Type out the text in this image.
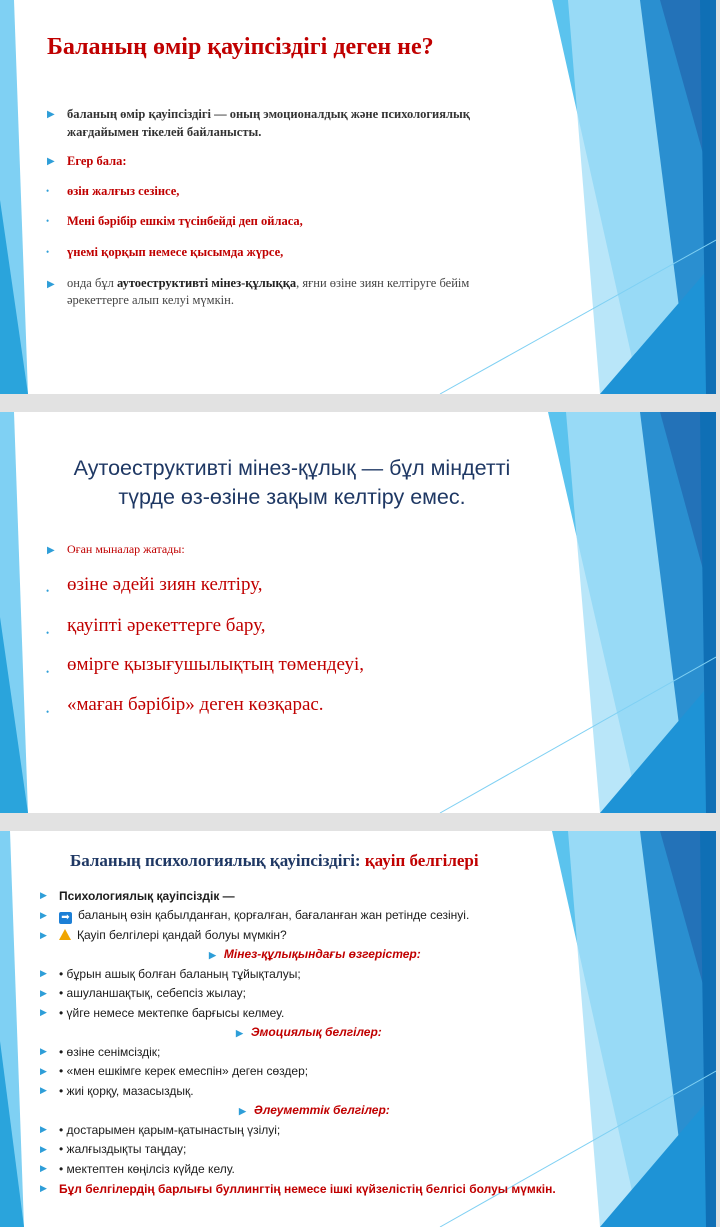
Баланың өмір қауіпсіздігі деген не?
▶ баланың өмір қауіпсіздігі — оның эмоционалдық және психологиялық
жағдайымен тікелей байланысты.
▶ Егер бала:
• өзін жалғыз сезінсе,
• Мені бәрібір ешкім түсінбейді деп ойласа,
• үнемі қорқып немесе қысымда жүрсе,
▶ онда бұл аутоеструктивті мінез-құлыққа, яғни өзіне зиян келтіруге бейім
әрекеттерге алып келуі мүмкін.
Аутоеструктивті мінез-құлық — бұл міндетті
түрде өз-өзіне зақым келтіру емес.
▶ Оған мыналар жатады:
• өзіне әдейі зиян келтіру,
• қауіпті әрекеттерге бару,
• өмірге қызығушылықтың төмендеуі,
• «маған бәрібір» деген көзқарас.
Баланың психологиялық қауіпсіздігі: қауіп белгілері
▶ Психологиялық қауіпсіздік —
▶ ➡ баланың өзін қабылданған, қорғалған, бағаланған жан ретінде сезінуі.
▶	Қауіп белгілері қандай болуы мүмкін?
▶ Мінез-құлықындағы өзгерістер:
▶ • бұрын ашық болған баланың тұйықталуы;
▶ • ашуланшақтық, себепсіз жылау;
▶ • үйге немесе мектепке барғысы келмеу.
▶ Эмоциялық белгілер:
▶ • өзіне сенімсіздік;
▶ • «мен ешкімге керек емеспін» деген сөздер;
▶ • жиі қорқу, мазасыздық.
▶ Әлеуметтік белгілер:
▶ • достарымен қарым-қатынастың үзілуі;
▶ • жалғыздықты таңдау;
▶ • мектептен көңілсіз күйде келу.
▶ Бұл белгілердің барлығы буллингтің немесе ішкі күйзелістің белгісі болуы мүмкін.
